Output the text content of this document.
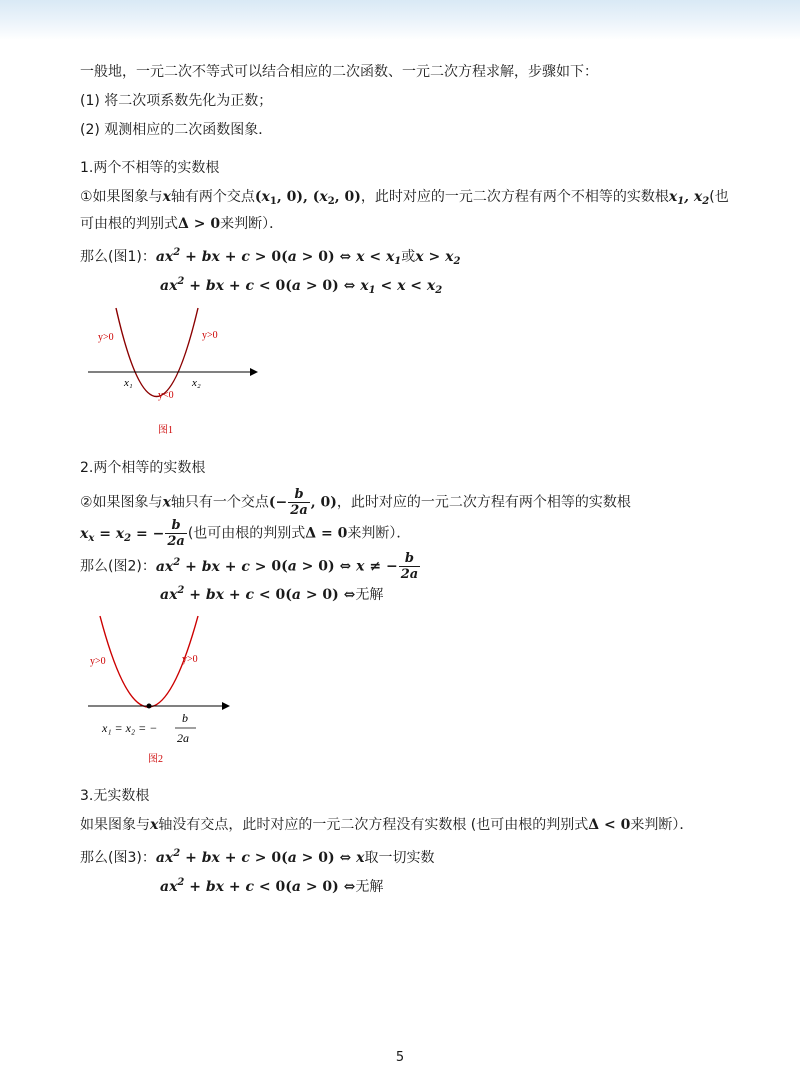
一般地，一元二次不等式可以结合相应的二次函数、一元二次方程求解，步骤如下：
(1) 将二次项系数先化为正数；
(2) 观测相应的二次函数图象．
1.两个不相等的实数根
①如果图象与x轴有两个交点($x_1$, 0), ($x_2$, 0)，此时对应的一元二次方程有两个不相等的实数根$x_1$, $x_2$(也
可由根的判别式Δ > 0来判断）．
那么(图1)：$ax^2$ + bx + c > 0(a > 0) ⇔ $x < x_1$或$x > x_2$
$ax^2$ + bx + c < 0(a > 0) ⇔ $x_1 < x < x_2$
y>0	y>0
y<0
x₁	x₂
图1
2.两个相等的实数根
②如果图象与x轴只有一个交点(− $\frac{b}{2a}$ , 0)，此时对应的一元二次方程有两个相等的实数根
$x_x = x_2$ = − $\frac{b}{2a}$ (也可由根的判别式Δ = 0来判断）．
那么(图2)：$ax^2$ + bx + c > 0(a > 0) ⇔ x ≠ − $\frac{b}{2a}$
$ax^2$ + bx + c < 0(a > 0) ⇔无解
y>0	y>0
x₁ = x₂ = −
b
2a
图2
3.无实数根
如果图象与x轴没有交点，此时对应的一元二次方程没有实数根 (也可由根的判别式Δ < 0来判断）．
那么(图3)：$ax^2$ + bx + c > 0(a > 0) ⇔ x取一切实数
$ax^2$ + bx + c < 0(a > 0) ⇔无解
5
